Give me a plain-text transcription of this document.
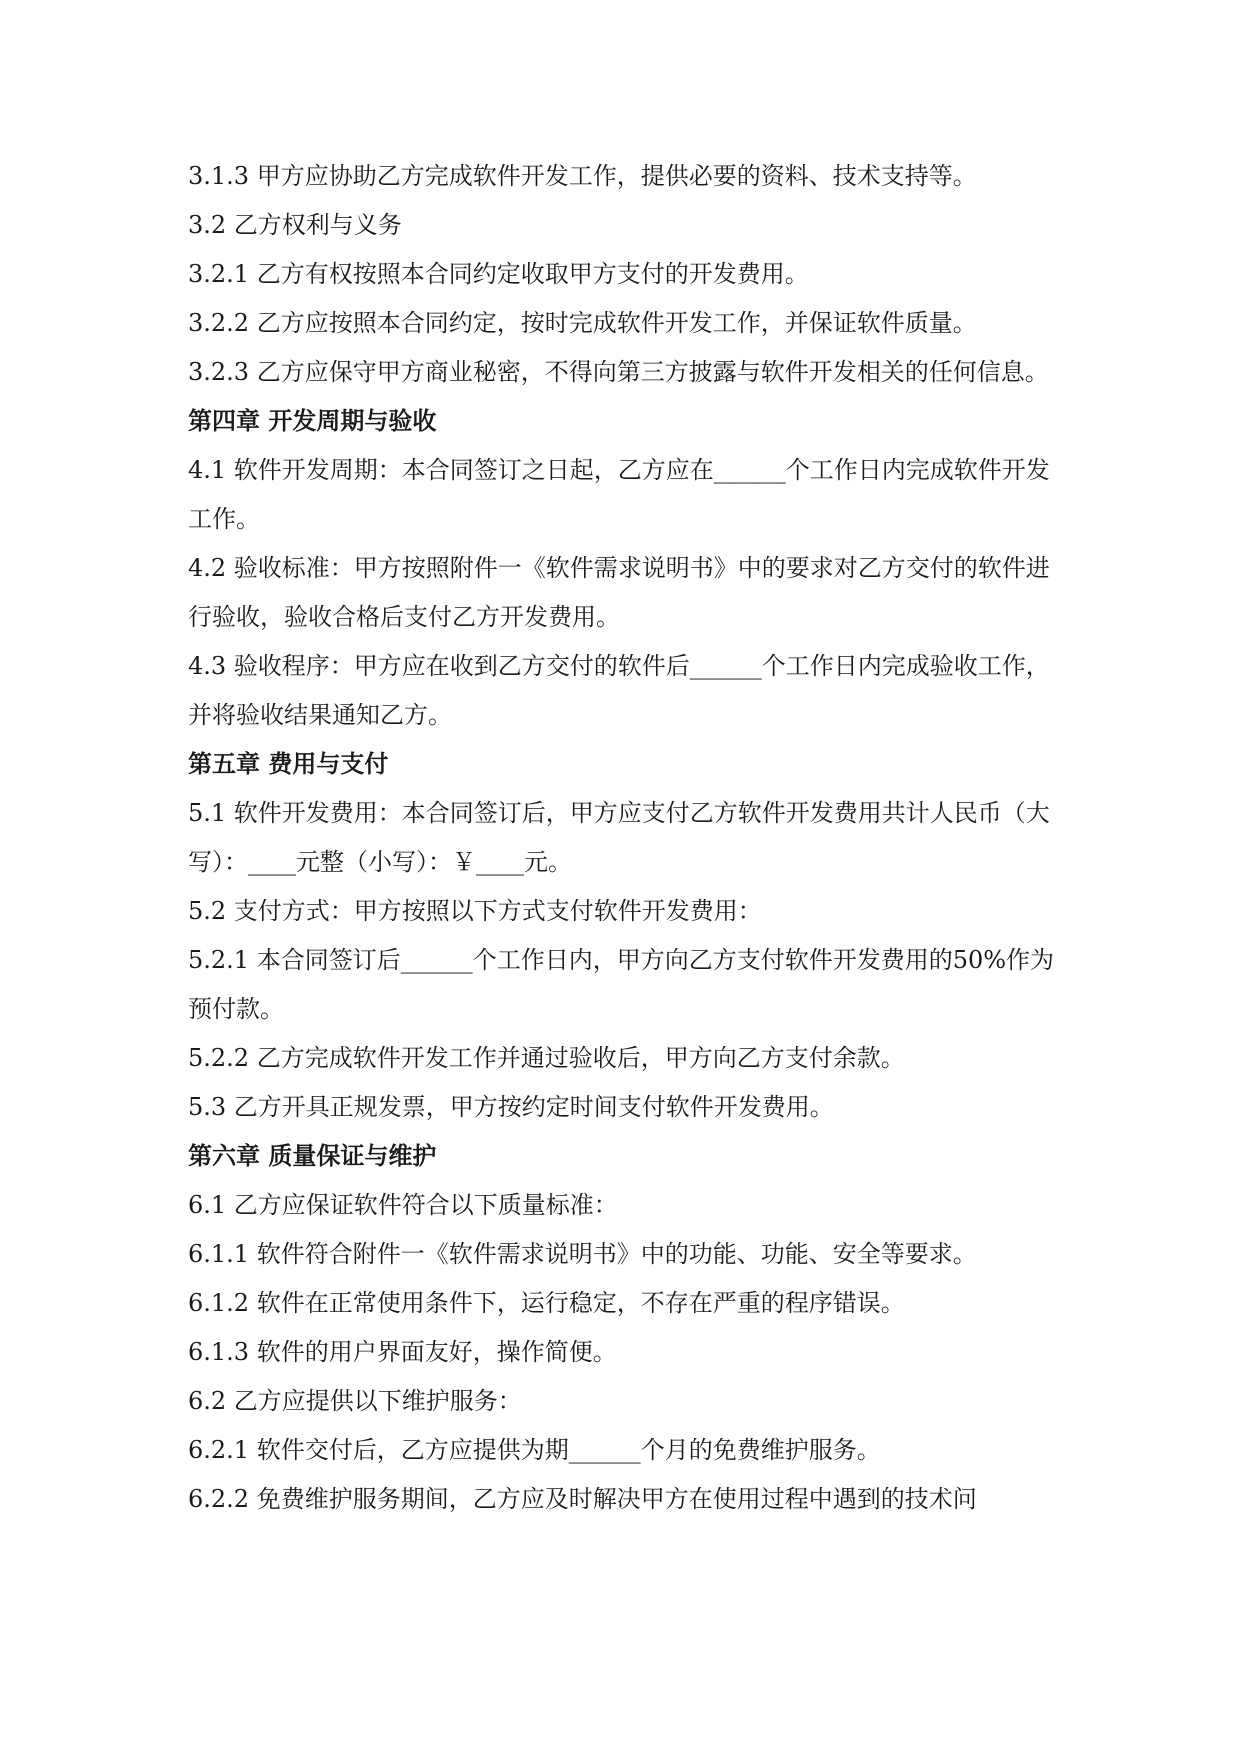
3.1.3 甲方应协助乙方完成软件开发工作，提供必要的资料、技术支持等。

3.2 乙方权利与义务

3.2.1 乙方有权按照本合同约定收取甲方支付的开发费用。

3.2.2 乙方应按照本合同约定，按时完成软件开发工作，并保证软件质量。

3.2.3 乙方应保守甲方商业秘密，不得向第三方披露与软件开发相关的任何信息。

第四章 开发周期与验收

4.1 软件开发周期：本合同签订之日起，乙方应在______个工作日内完成软件开发工作。

4.2 验收标准：甲方按照附件一《软件需求说明书》中的要求对乙方交付的软件进行验收，验收合格后支付乙方开发费用。

4.3 验收程序：甲方应在收到乙方交付的软件后______个工作日内完成验收工作，并将验收结果通知乙方。

第五章 费用与支付

5.1 软件开发费用：本合同签订后，甲方应支付乙方软件开发费用共计人民币（大写）：____元整（小写）：￥____元。

5.2 支付方式：甲方按照以下方式支付软件开发费用：

5.2.1 本合同签订后______个工作日内，甲方向乙方支付软件开发费用的50%作为预付款。

5.2.2 乙方完成软件开发工作并通过验收后，甲方向乙方支付余款。

5.3 乙方开具正规发票，甲方按约定时间支付软件开发费用。

第六章 质量保证与维护

6.1 乙方应保证软件符合以下质量标准：

6.1.1 软件符合附件一《软件需求说明书》中的功能、功能、安全等要求。

6.1.2 软件在正常使用条件下，运行稳定，不存在严重的程序错误。

6.1.3 软件的用户界面友好，操作简便。

6.2 乙方应提供以下维护服务：

6.2.1 软件交付后，乙方应提供为期______个月的免费维护服务。

6.2.2 免费维护服务期间，乙方应及时解决甲方在使用过程中遇到的技术问
